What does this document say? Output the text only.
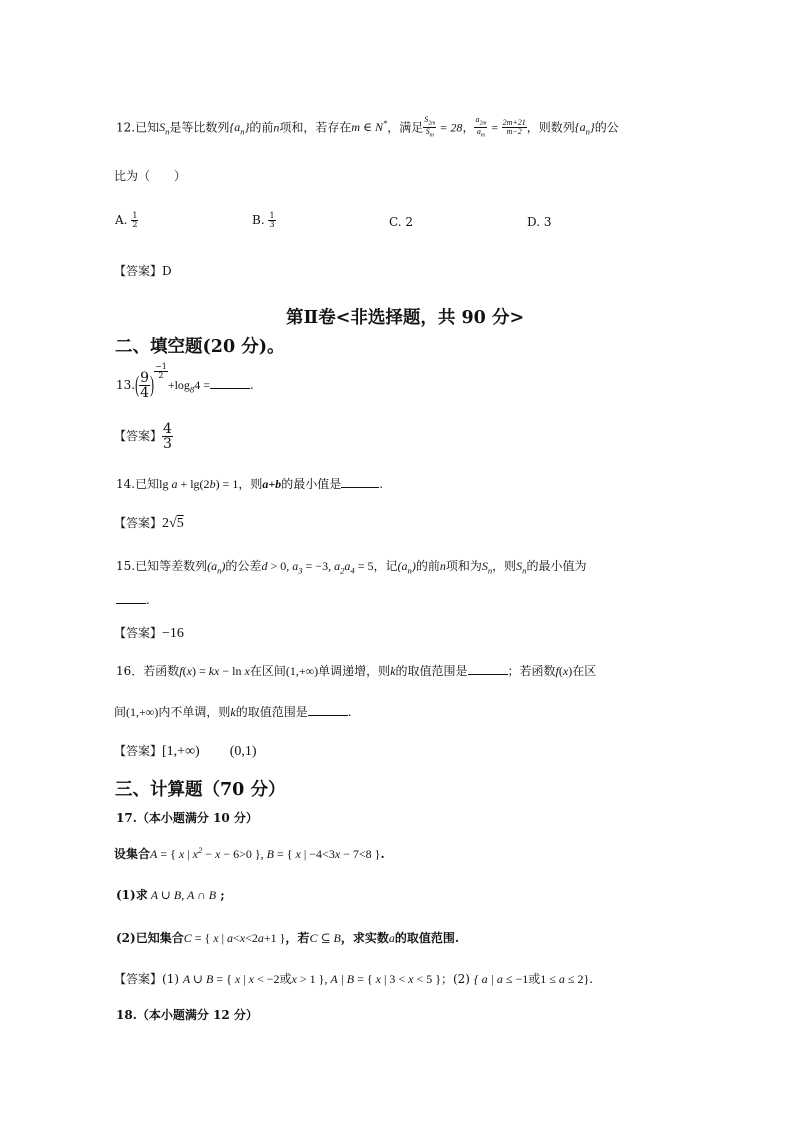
12.已知$S_n$是等比数列$\{a_n\}$的前n项和，若存在m ∈ N*，满足 $\frac{S_{2m}}{S_m} = 28$， $\frac{a_{2m}}{a_m} = \frac{2m+21}{m-2}$ ，则数列$\{a_n\}$的公
比为（　　）
A. $\frac{1}{2}$	B. $\frac{1}{3}$	C. 2	D. 3
【答案】D
第Ⅱ卷<非选择题，共 90 分>
二、填空题(20 分)。
$13.( \frac{9}{4}$ ) $^{\frac{-1}{2}}$
$+\log_84$ =	.
【答案】 $\frac{4}{3}$
14.已知lg a + lg(2b) = 1，则a+b的最小值是	.
【答案】2√5
15.已知等差数列$(a_n)$的公差d > 0, $a_3 = -3$, $a_2a_4 = 5$，记$(a_n)$的前n项和为$S_n$，则$S_n$的最小值为
.
【答案】−16
16．若函数f(x) = kx − ln x在区间(1,+∞)单调递增，则k的取值范围是	；若函数f(x)在区
间(1,+∞)内不单调，则k的取值范围是	.
【答案】[1,+∞) (0,1)
三、计算题（70 分）
17.（本小题满分 10 分）
设集合A = { x | $x^2 - x - 6>0$ }, B = { x | −4<3x − 7<8 }.
(1)求 A ∪ B, A ∩ B ;
(2)已知集合C = { x | a<x<2a+1 }，若C ⊆ B，求实数a的取值范围.
【答案】(1) A ∪ B = { x | x < −2或x > 1 }, A | B = { x | 3 < x < 5 }；(2) { a | a ≤ −1或1 ≤ a ≤ 2}.
18.（本小题满分 12 分）
